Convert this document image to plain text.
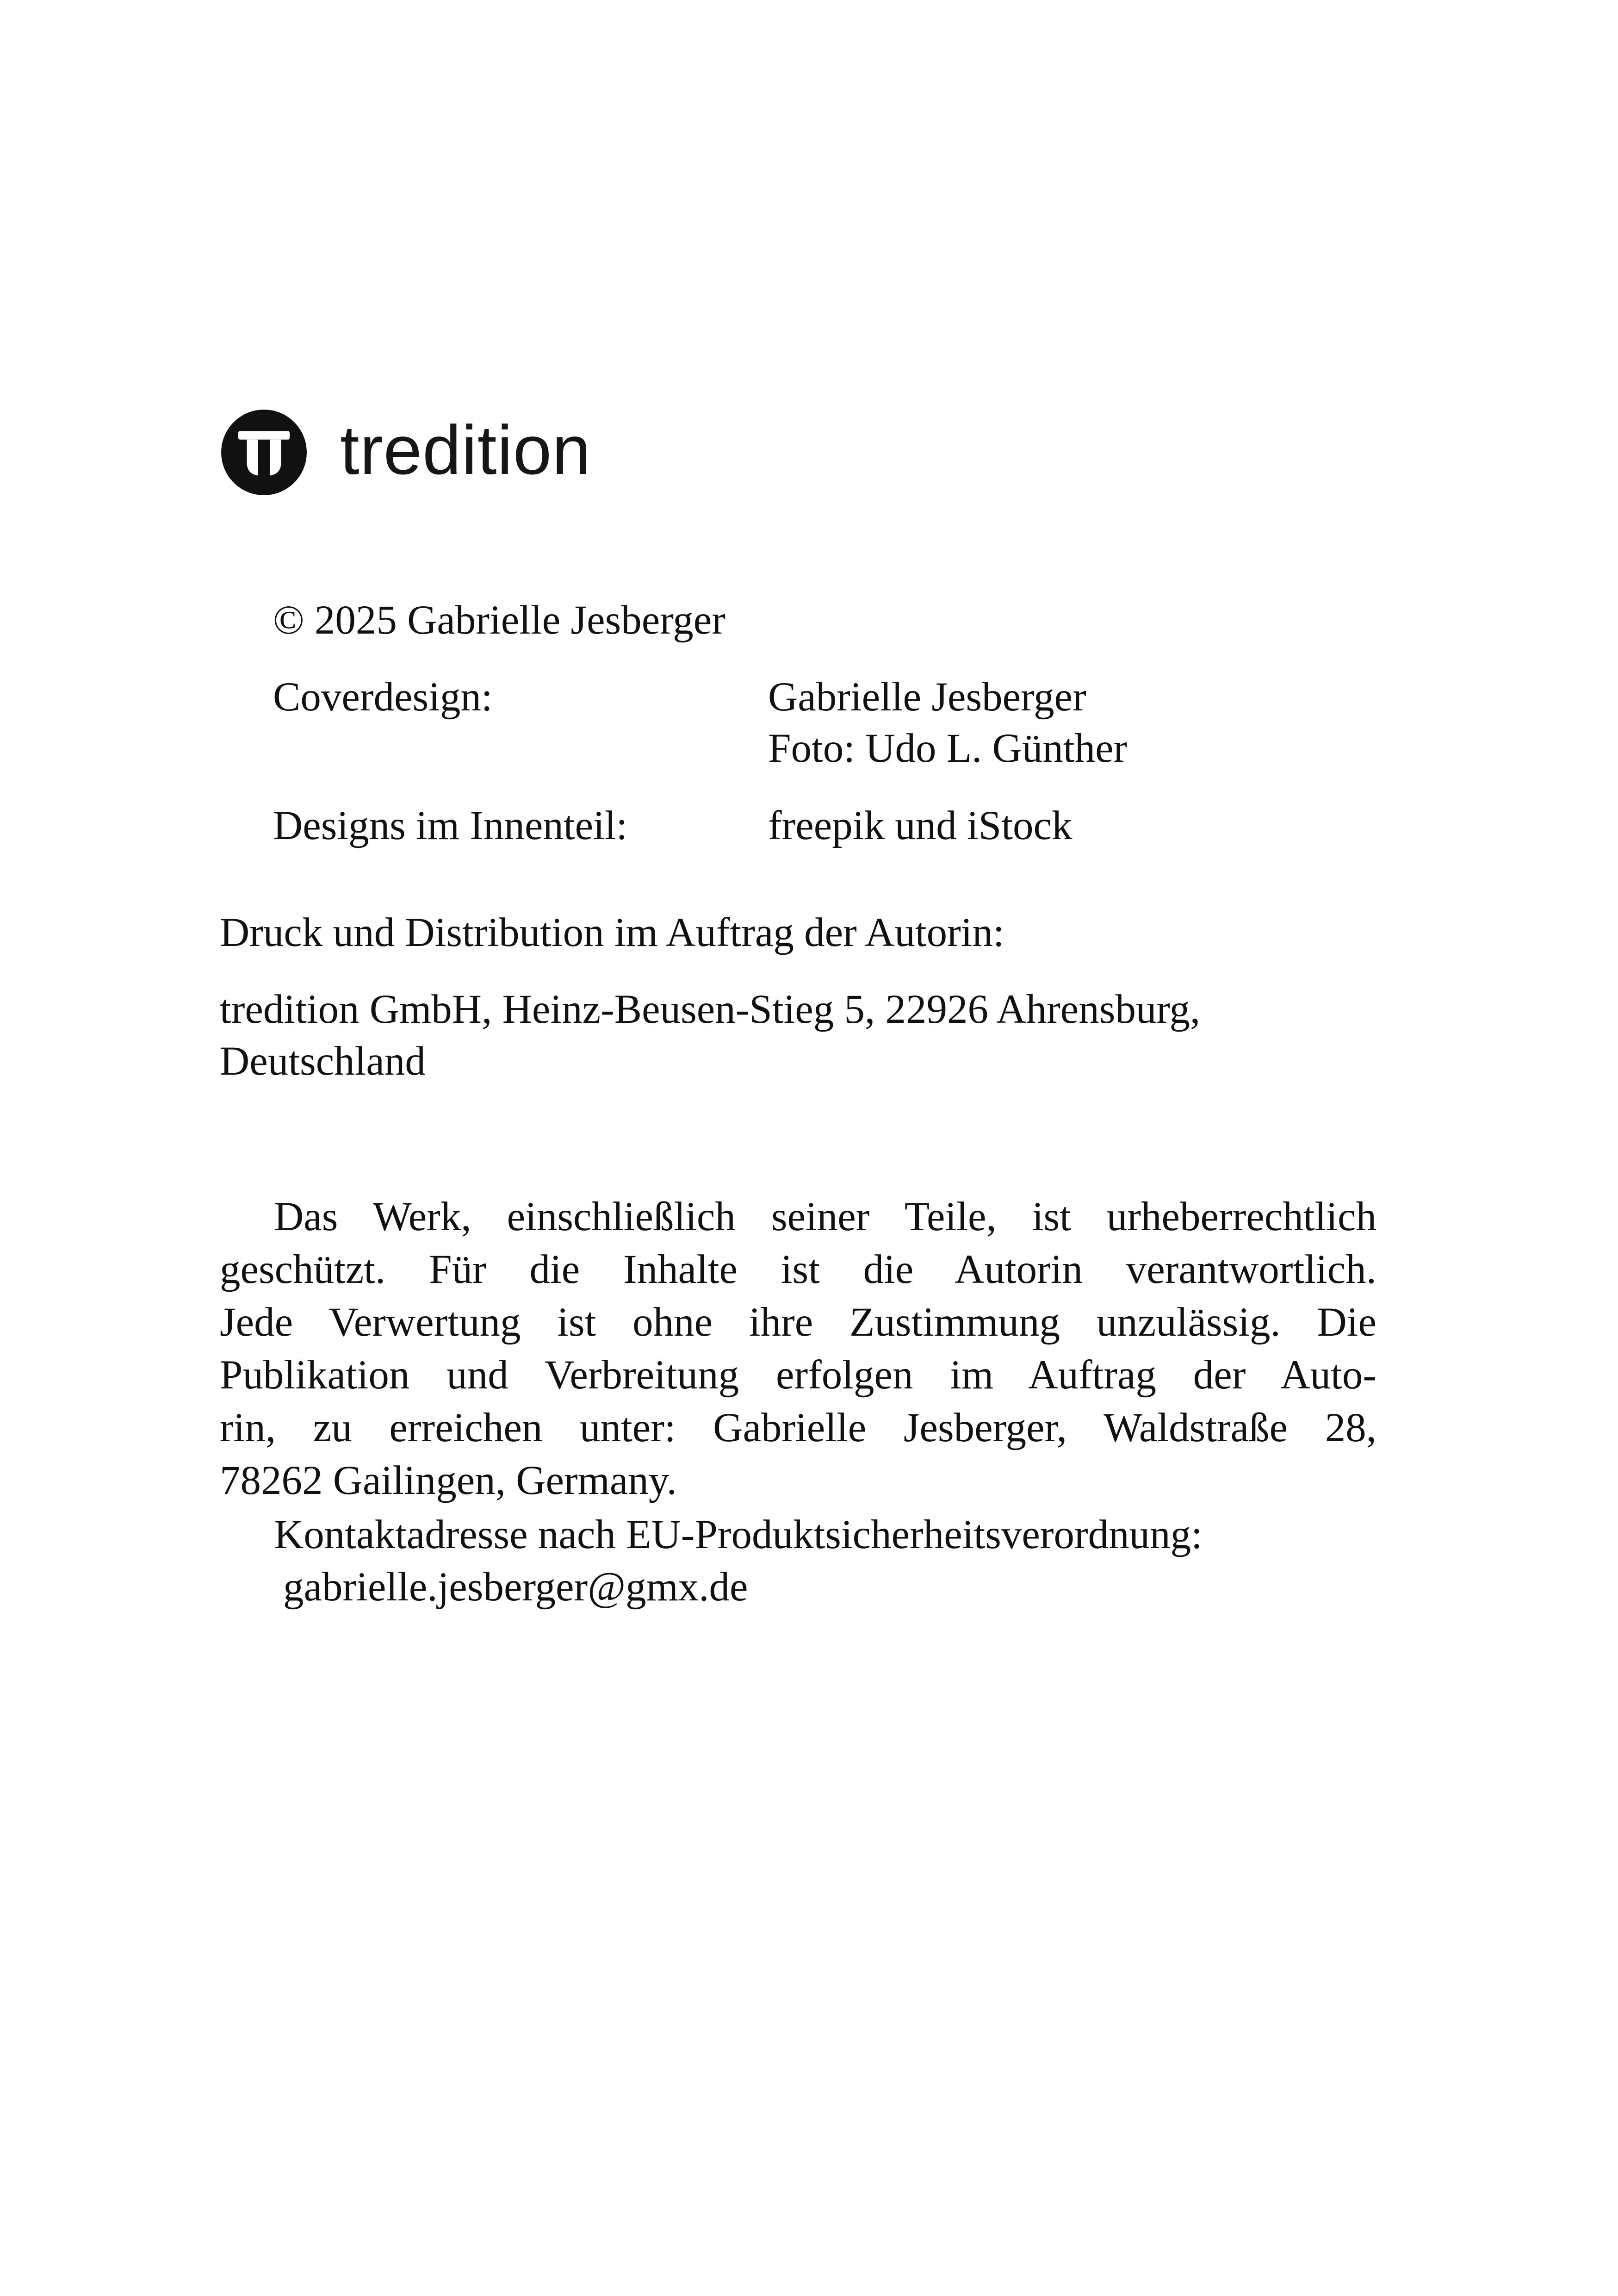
tredition
© 2025 Gabrielle Jesberger
Coverdesign:	Gabrielle Jesberger
Foto: Udo L. Günther
Designs im Innenteil:	freepik und iStock
Druck und Distribution im Auftrag der Autorin:
tredition GmbH, Heinz-Beusen-Stieg 5, 22926 Ahrensburg,
Deutschland
Das Werk, einschließlich seiner Teile, ist urheberrechtlich
geschützt. Für die Inhalte ist die Autorin verantwortlich.
Jede Verwertung ist ohne ihre Zustimmung unzulässig. Die
Publikation und Verbreitung erfolgen im Auftrag der Auto-
rin, zu erreichen unter: Gabrielle Jesberger, Waldstraße 28,
78262 Gailingen, Germany.
Kontaktadresse nach EU-Produktsicherheitsverordnung:
gabrielle.jesberger@gmx.de
